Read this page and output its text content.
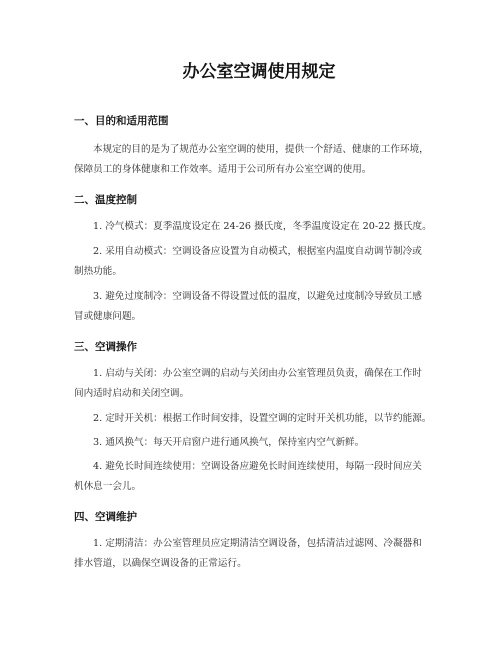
办公室空调使用规定
一、目的和适用范围

本规定的目的是为了规范办公室空调的使用，提供一个舒适、健康的工作环境，
保障员工的身体健康和工作效率。适用于公司所有办公室空调的使用。

二、温度控制

1. 冷气模式：夏季温度设定在 24-26 摄氏度，冬季温度设定在 20-22 摄氏度。

2. 采用自动模式：空调设备应设置为自动模式，根据室内温度自动调节制冷或
制热功能。

3. 避免过度制冷：空调设备不得设置过低的温度，以避免过度制冷导致员工感
冒或健康问题。

三、空调操作

1. 启动与关闭：办公室空调的启动与关闭由办公室管理员负责，确保在工作时
间内适时启动和关闭空调。

2. 定时开关机：根据工作时间安排，设置空调的定时开关机功能，以节约能源。

3. 通风换气：每天开启窗户进行通风换气，保持室内空气新鲜。

4. 避免长时间连续使用：空调设备应避免长时间连续使用，每隔一段时间应关
机休息一会儿。

四、空调维护

1. 定期清洁：办公室管理员应定期清洁空调设备，包括清洁过滤网、冷凝器和
排水管道，以确保空调设备的正常运行。
